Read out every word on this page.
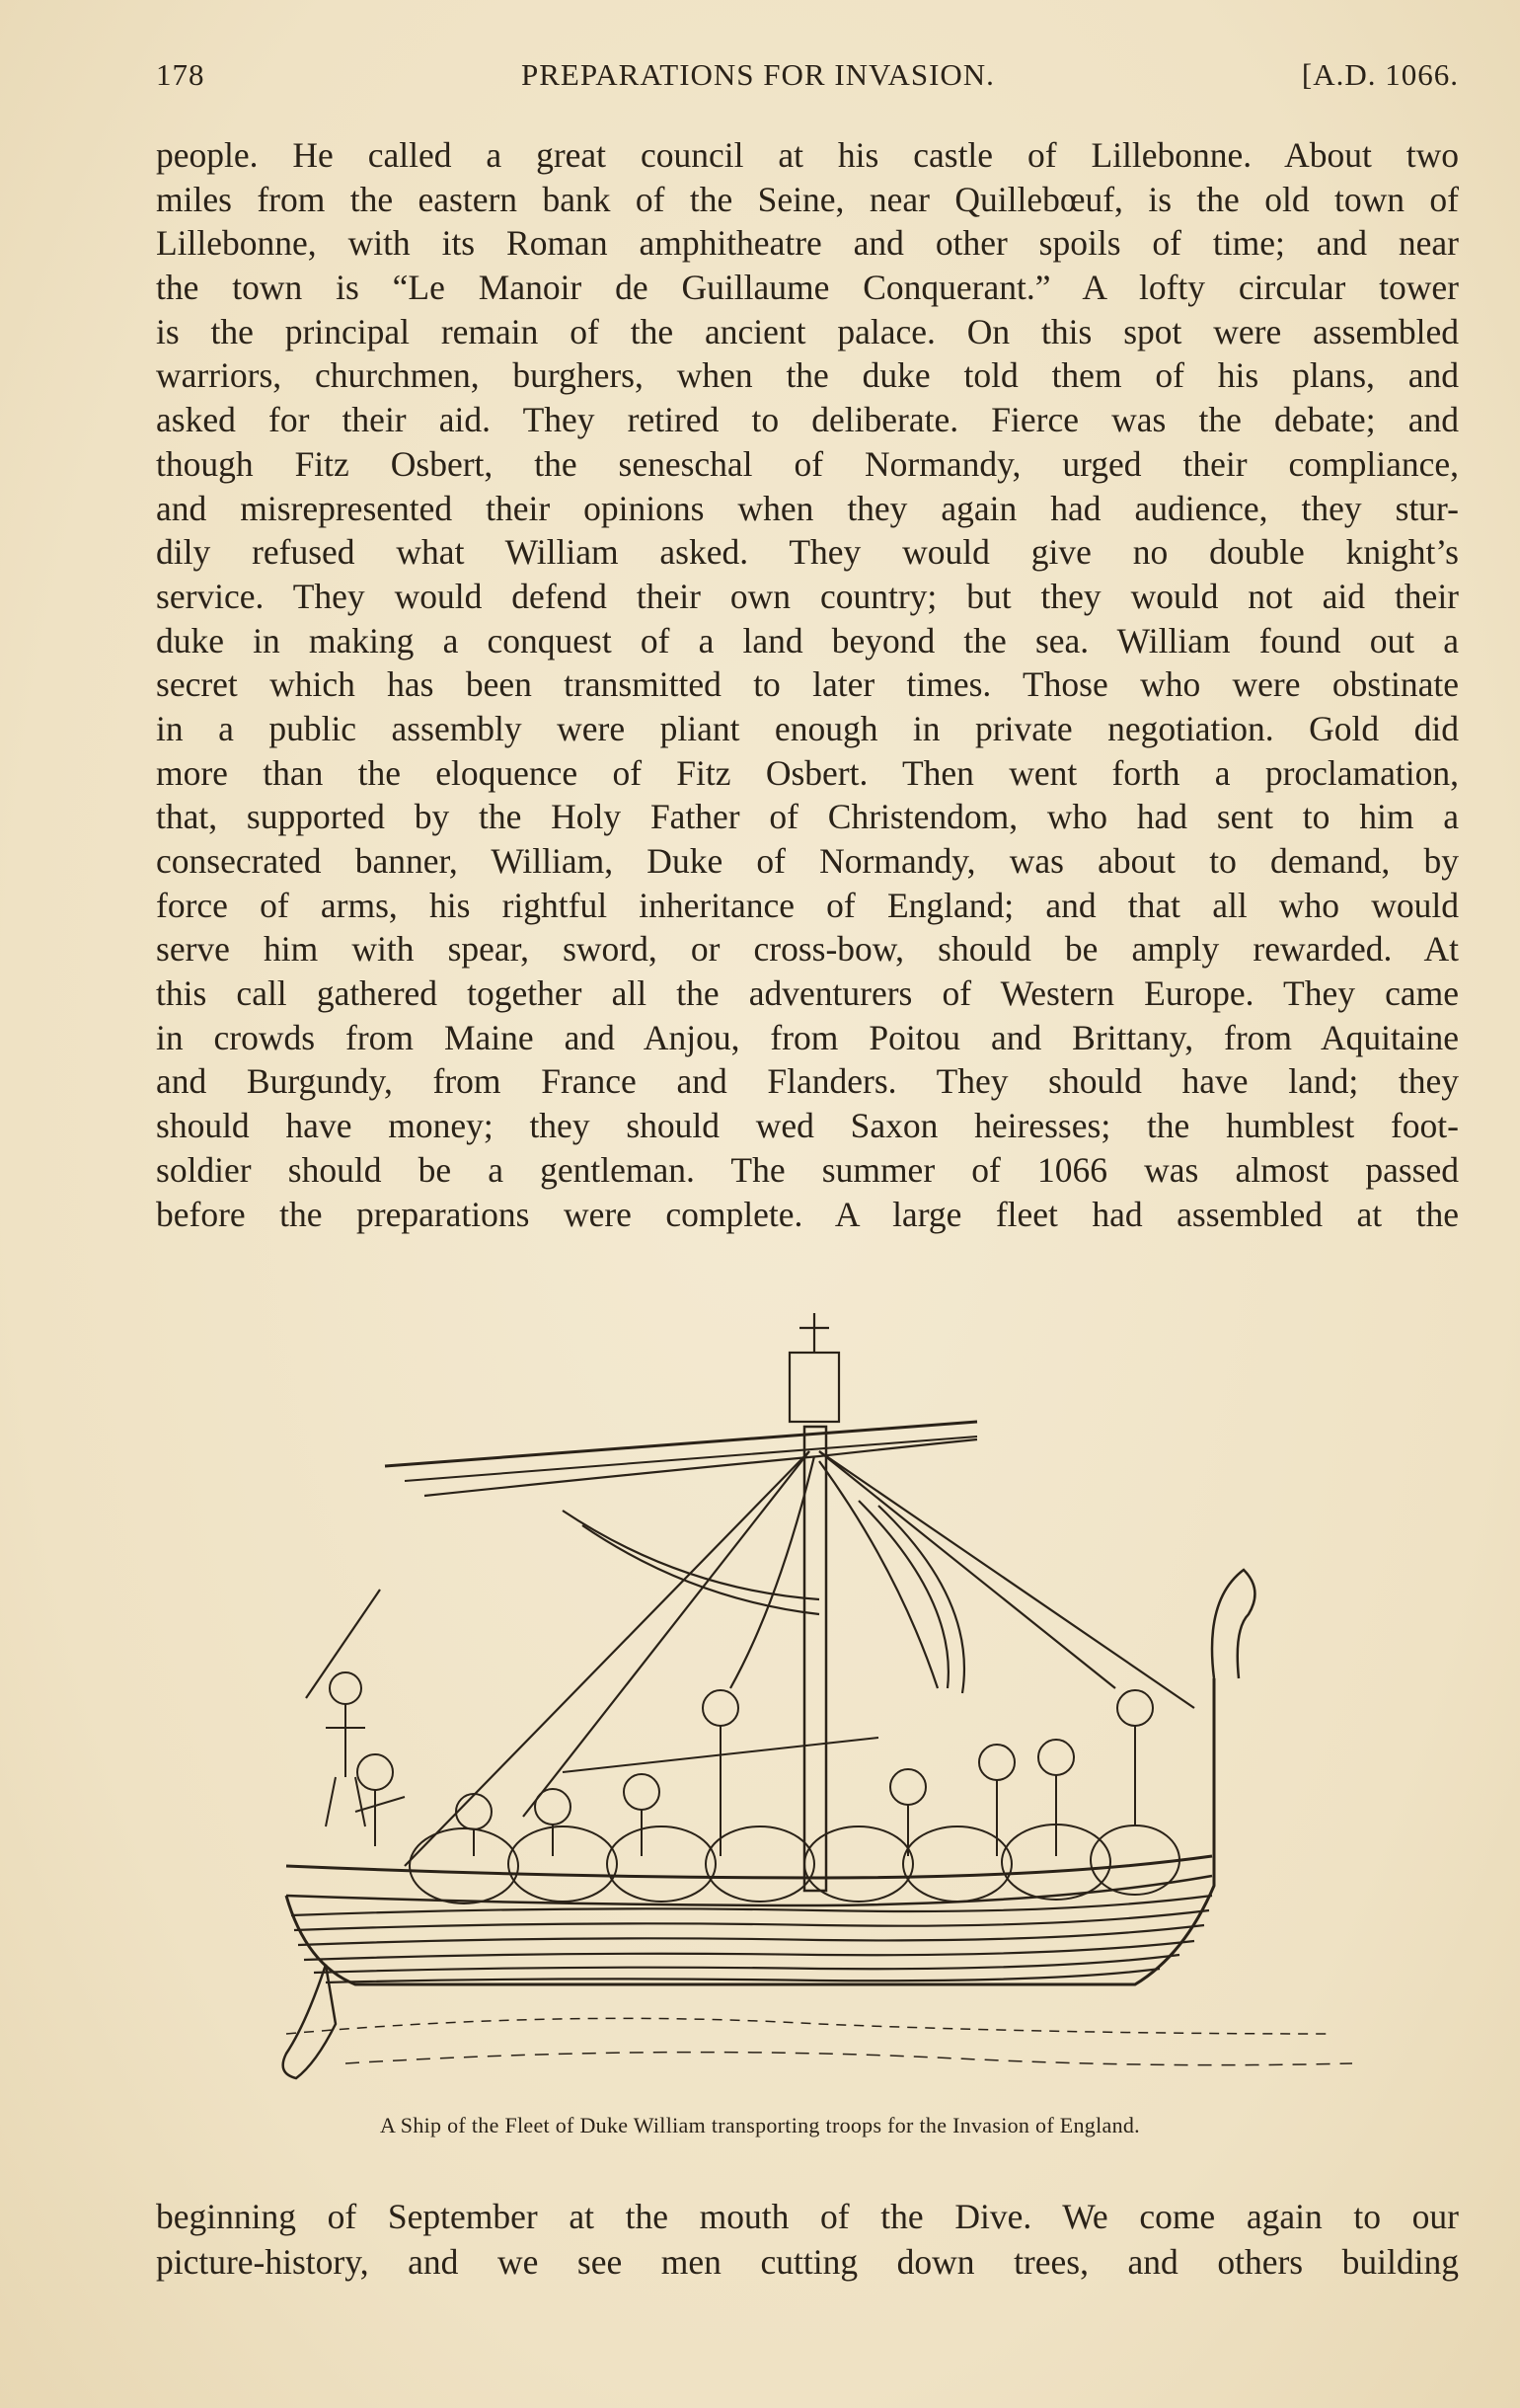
178	PREPARATIONS FOR INVASION.	[A.D. 1066.
people. He called a great council at his castle of Lillebonne. About two
miles from the eastern bank of the Seine, near Quillebœuf, is the old town of
Lillebonne, with its Roman amphitheatre and other spoils of time; and near
the town is “Le Manoir de Guillaume Conquerant.” A lofty circular tower
is the principal remain of the ancient palace. On this spot were assembled
warriors, churchmen, burghers, when the duke told them of his plans, and
asked for their aid. They retired to deliberate. Fierce was the debate; and
though Fitz Osbert, the seneschal of Normandy, urged their compliance,
and misrepresented their opinions when they again had audience, they stur-
dily refused what William asked. They would give no double knight’s
service. They would defend their own country; but they would not aid their
duke in making a conquest of a land beyond the sea. William found out a
secret which has been transmitted to later times. Those who were obstinate
in a public assembly were pliant enough in private negotiation. Gold did
more than the eloquence of Fitz Osbert. Then went forth a proclamation,
that, supported by the Holy Father of Christendom, who had sent to him a
consecrated banner, William, Duke of Normandy, was about to demand, by
force of arms, his rightful inheritance of England; and that all who would
serve him with spear, sword, or cross-bow, should be amply rewarded. At
this call gathered together all the adventurers of Western Europe. They came
in crowds from Maine and Anjou, from Poitou and Brittany, from Aquitaine
and Burgundy, from France and Flanders. They should have land; they
should have money; they should wed Saxon heiresses; the humblest foot-
soldier should be a gentleman. The summer of 1066 was almost passed
before the preparations were complete. A large fleet had assembled at the
A Ship of the Fleet of Duke William transporting troops for the Invasion of England.
beginning of September at the mouth of the Dive. We come again to our
picture-history, and we see men cutting down trees, and others building
